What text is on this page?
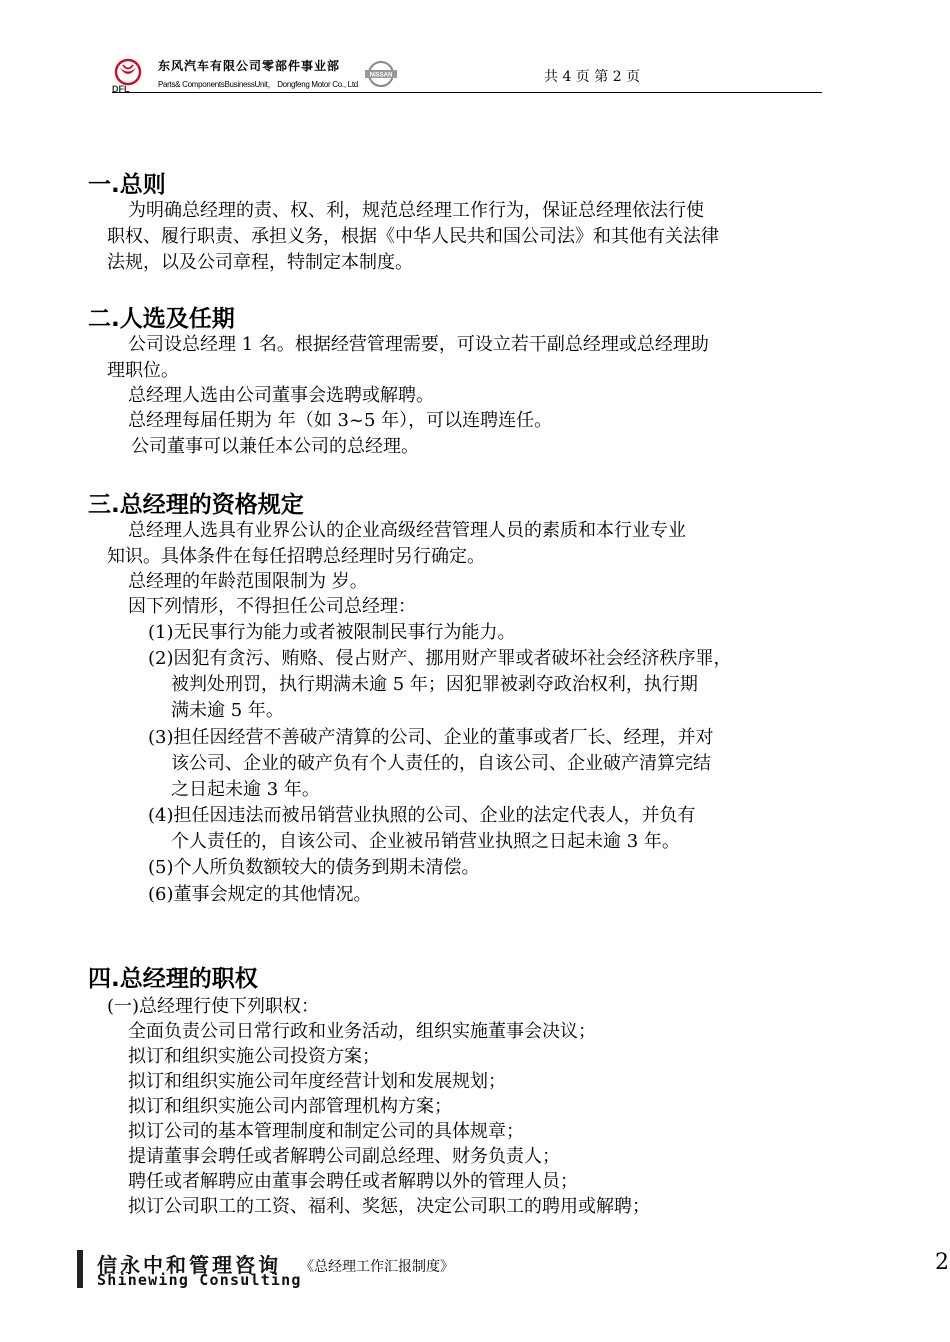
DFL
东风汽车有限公司零部件事业部
Parts& ComponentsBusinessUnit， Dongfeng Motor Co., Ltd
NISSAN	共 4 页 第 2 页
一.总则
为明确总经理的责、权、利，规范总经理工作行为，保证总经理依法行使
职权、履行职责、承担义务，根据《中华人民共和国公司法》和其他有关法律
法规，以及公司章程，特制定本制度。
二.人选及任期
公司设总经理 1 名。根据经营管理需要，可设立若干副总经理或总经理助
理职位。
总经理人选由公司董事会选聘或解聘。
总经理每届任期为 年（如 3~5 年），可以连聘连任。
公司董事可以兼任本公司的总经理。
三.总经理的资格规定
总经理人选具有业界公认的企业高级经营管理人员的素质和本行业专业
知识。具体条件在每任招聘总经理时另行确定。
总经理的年龄范围限制为 岁。
因下列情形，不得担任公司总经理：
(1)无民事行为能力或者被限制民事行为能力。
(2)因犯有贪污、贿赂、侵占财产、挪用财产罪或者破坏社会经济秩序罪，
被判处刑罚，执行期满未逾 5 年；因犯罪被剥夺政治权利，执行期
满未逾 5 年。
(3)担任因经营不善破产清算的公司、企业的董事或者厂长、经理，并对
该公司、企业的破产负有个人责任的，自该公司、企业破产清算完结
之日起未逾 3 年。
(4)担任因违法而被吊销营业执照的公司、企业的法定代表人，并负有
个人责任的，自该公司、企业被吊销营业执照之日起未逾 3 年。
(5)个人所负数额较大的债务到期未清偿。
(6)董事会规定的其他情况。
四.总经理的职权
(一)总经理行使下列职权：
全面负责公司日常行政和业务活动，组织实施董事会决议；
拟订和组织实施公司投资方案；
拟订和组织实施公司年度经营计划和发展规划；
拟订和组织实施公司内部管理机构方案；
拟订公司的基本管理制度和制定公司的具体规章；
提请董事会聘任或者解聘公司副总经理、财务负责人；
聘任或者解聘应由董事会聘任或者解聘以外的管理人员；
拟订公司职工的工资、福利、奖惩，决定公司职工的聘用或解聘；
信永中和管理咨询
Shinewing Consulting
《总经理工作汇报制度》	2
